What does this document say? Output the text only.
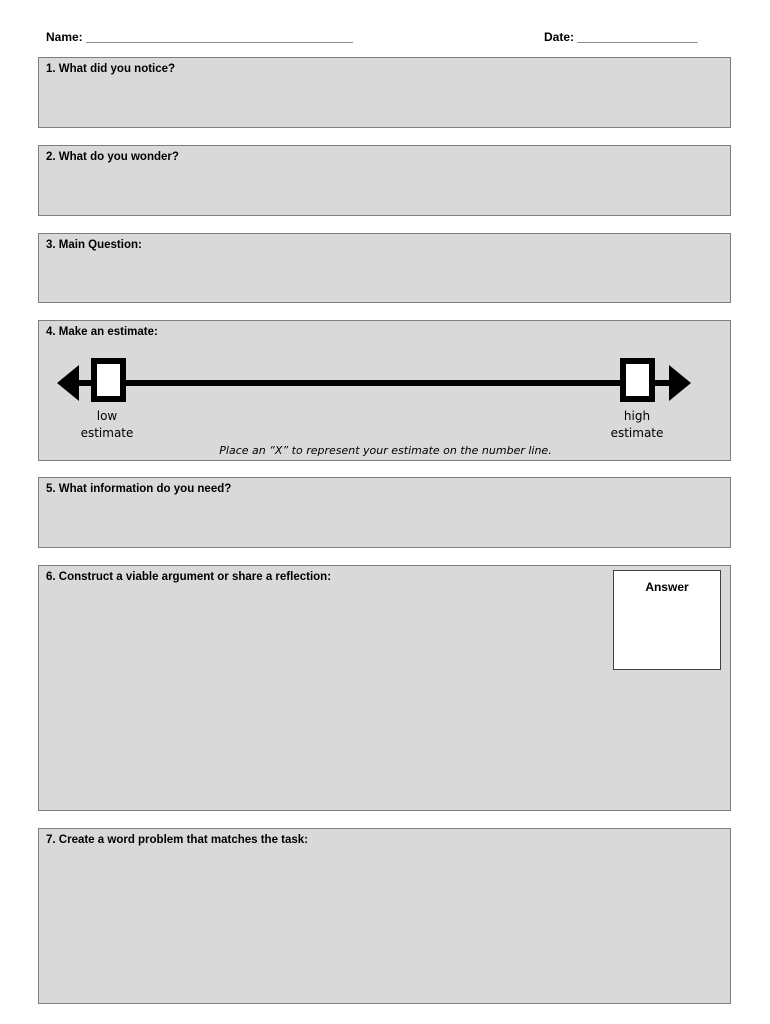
Name: ________________________________________	Date: __________________
1. What did you notice?
2. What do you wonder?
3. Main Question:
4. Make an estimate:
low
estimate
high
estimate
Place an “X” to represent your estimate on the number line.
5. What information do you need?
6. Construct a viable argument or share a reflection:
Answer
7. Create a word problem that matches the task:
